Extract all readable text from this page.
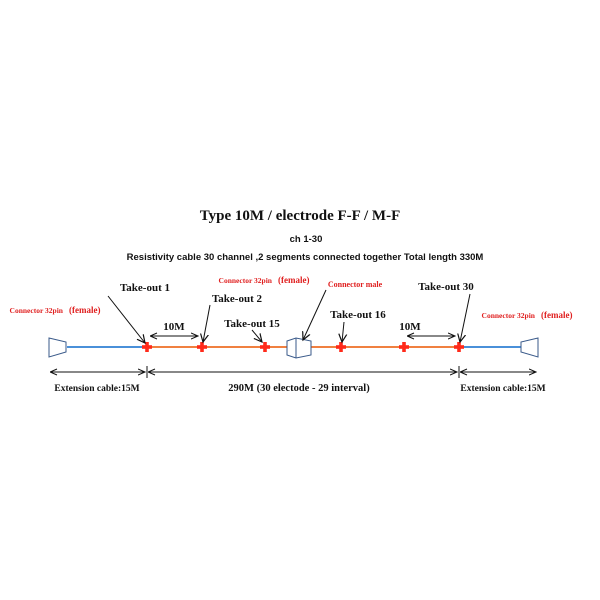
Type 10M / electrode F-F / M-F
ch 1-30
Resistivity cable 30 channel ,2 segments connected together Total length 330M
10M	10M
Take-out 1
Take-out 2
Take-out 15
Take-out 16
Take-out 30
Connector 32pin (female)
Connector 32pin (female) Connector male
Connector 32pin (female)
Extension cable:15M	290M (30 electode - 29 interval)	Extension cable:15M
